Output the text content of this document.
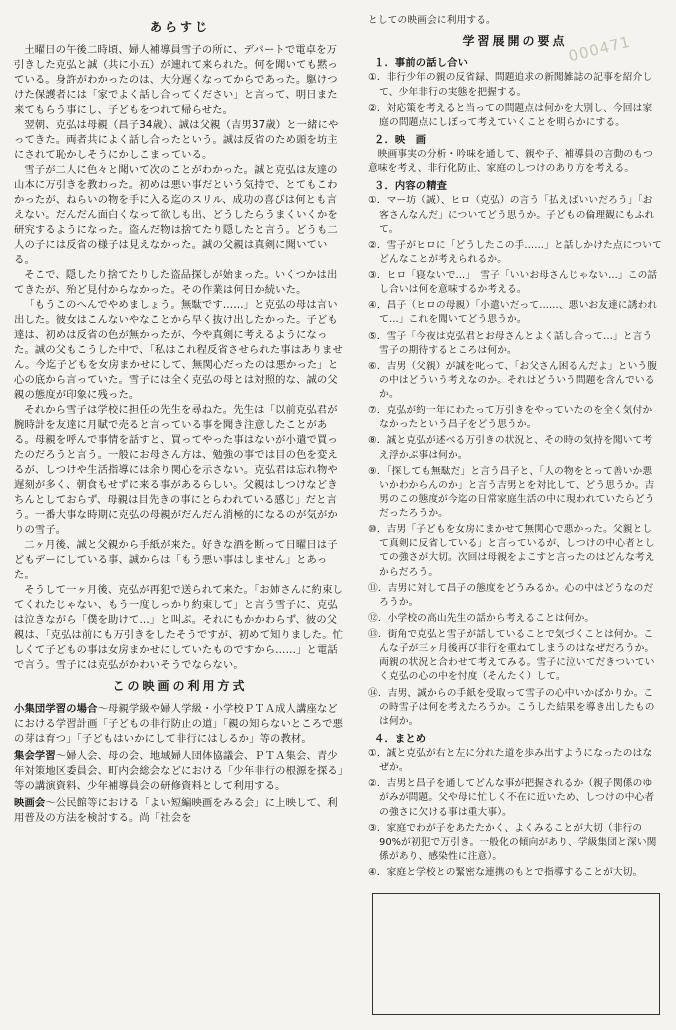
あらすじ

土曜日の午後二時頃、婦人補導員雪子の所に、デパートで電卓を万引きした克弘と誠（共に小五）が連れて来られた。何を聞いても黙っている。身許がわかったのは、大分遅くなってからであった。駆けつけた保護者には「家でよく話し合ってください」と言って、明日また来てもらう事にし、子どもをつれて帰らせた。

翌朝、克弘は母親（昌子34歳）、誠は父親（吉男37歳）と一緒にやってきた。両者共によく話し合ったという。誠は反省のため頭を坊主にされて恥かしそうにかしこまっている。

雪子が二人に色々と聞いて次のことがわかった。誠と克弘は友達の山本に万引きを教わった。初めは悪い事だという気持で、とてもこわかったが、ねらいの物を手に入る迄のスリル、成功の喜びは何とも言えない。だんだん面白くなって欲しも出、どうしたらうまくいくかを研究するようになった。盗んだ物は捨てたり隠したと言う。どうも二人の子には反省の様子は見えなかった。誠の父親は真剣に聞いている。

そこで、隠したり捨てたりした盗品探しが始まった。いくつかは出てきたが、殆ど見付からなかった。その作業は何日か続いた。

「もうこのへんでやめましょう。無駄です……」と克弘の母は言い出した。彼女はこんないやなことから早く抜け出したかった。子ども達は、初めは反省の色が無かったが、今や真剣に考えるようになった。誠の父もこうした中で、「私はこれ程反省させられた事はありません。今迄子どもを女房まかせにして、無関心だったのは悪かった」と心の底から言っていた。雪子には全く克弘の母とは対照的な、誠の父親の態度が印象に残った。

それから雪子は学校に担任の先生を尋ねた。先生は「以前克弘君が腕時計を友達に月賦で売ると言っている事を聞き注意したことがある。母親を呼んで事情を話すと、買ってやった事はないが小遣で買ったのだろうと言う。一般にお母さん方は、勉強の事では目の色を変えるが、しつけや生活指導には余り関心を示さない。克弘君は忘れ物や遅刻が多く、朝食もせずに来る事があるらしい。父親はしつけなどきちんとしておらず、母親は目先きの事にとらわれている感じ」だと言う。一番大事な時期に克弘の母親がだんだん消極的になるのが気がかりの雪子。

二ヶ月後、誠と父親から手紙が来た。好きな酒を断って日曜日は子どもデーにしている事、誠からは「もう悪い事はしません」とあった。

そうして一ヶ月後、克弘が再犯で送られて来た。「お姉さんに約束してくれたじゃない、もう一度しっかり約束して」と言う雪子に、克弘は泣きながら「僕を助けて…」と叫ぶ。それにもかかわらず、彼の父親は、「克弘は前にも万引きをしたそうですが、初めて知りました。忙しくて子どもの事は女房まかせにしていたものですから……」と電話で言う。雪子には克弘がかわいそうでならない。

この映画の利用方式
小集団学習の場合～母親学級や婦人学級・小学校ＰＴＡ成人講座などにおける学習計画「子どもの非行防止の道」「親の知らないところで悪の芽は育つ」「子どもはいかにして非行にはしるか」等の教材。
集会学習～婦人会、母の会、地域婦人団体協議会、ＰＴＡ集会、青少年対策地区委員会、町内会総会などにおける「少年非行の根源を探る」等の講演資料、少年補導員会の研修資料として利用する。
映画会～公民館等における「よい短編映画をみる会」に上映して、利用普及の方法を検討する。尚「社会を

としての映画会に利用する。

学習展開の要点
１．事前の話し合い
①．非行少年の親の反省録、問題追求の新聞雑誌の記事を紹介して、少年非行の実態を把握する。
②．対応策を考えると当っての問題点は何かを大別し、今回は家庭の問題点にしぼって考えていくことを明らかにする。
２．映　画

映画事実の分析・吟味を通して、親や子、補導員の言動のもつ意味を考え、非行化防止、家庭のしつけのあり方を考える。

３．内容の精査
①．マー坊（誠）、ヒロ（克弘）の言う「払えばいいだろう」「お客さんなんだ」についてどう思うか。子どもの倫理観にもふれて。
②．雪子がヒロに「どうしたこの手……」と話しかけた点についてどんなことが考えられるか。
③．ヒロ「寝ないで…」　雪子「いいお母さんじゃない…」この話し合いは何を意味するか考える。
④．昌子（ヒロの母親）「小遣いだって……、悪いお友達に誘われて…」これを聞いてどう思うか。
⑤．雪子「今夜は克弘君とお母さんとよく話し合って…」と言う雪子の期待するところは何か。
⑥．吉男（父親）が誠を叱って、「お父さん困るんだよ」という腹の中はどういう考えなのか。それはどういう問題を含んでいるか。
⑦．克弘が約一年にわたって万引きをやっていたのを全く気付かなかったという昌子をどう思うか。
⑧．誠と克弘が述べる万引きの状況と、その時の気持を聞いて考え浮かぶ事は何か。
⑨．「探しても無駄だ」と言う昌子と、「人の物をとって善いか悪いかわからんのか」と言う吉男とを対比して、どう思うか。吉男のこの態度が今迄の日常家庭生活の中に現われていたらどうだったろうか。
⑩．吉男「子どもを女房にまかせて無関心で悪かった。父親として真剣に反省している」と言っているが、しつけの中心者としての強さが大切。次回は母親をよこすと言ったのはどんな考えからだろう。
⑪．吉男に対して昌子の態度をどうみるか。心の中はどうなのだろうか。
⑫．小学校の高山先生の話から考えることは何か。
⑬．街角で克弘と雪子が話していることで気づくことは何か。こんな子が三ヶ月後再び非行を重ねてしまうのはなぜだろうか。両親の状況と合わせて考えてみる。雪子に泣いてだきついていく克弘の心の中を忖度（そんたく）して。
⑭．吉男、誠からの手紙を受取って雪子の心中いかばかりか。この時雪子は何を考えたろうか。こうした結果を導き出したものは何か。
４．まとめ
①．誠と克弘が右と左に分れた道を歩み出すようになったのはなぜか。
②．吉男と昌子を通してどんな事が把握されるか（親子関係のゆがみが問題。父や母に忙しく不在に近いため、しつけの中心者の強さに欠ける事は重大事）。
③．家庭でわが子をあたたかく、よくみることが大切（非行の90%が初犯で万引き。一般化の傾向があり、学級集団と深い関係があり、感染性に注意）。
④．家庭と学校との緊密な連携のもとで指導することが大切。
000471
